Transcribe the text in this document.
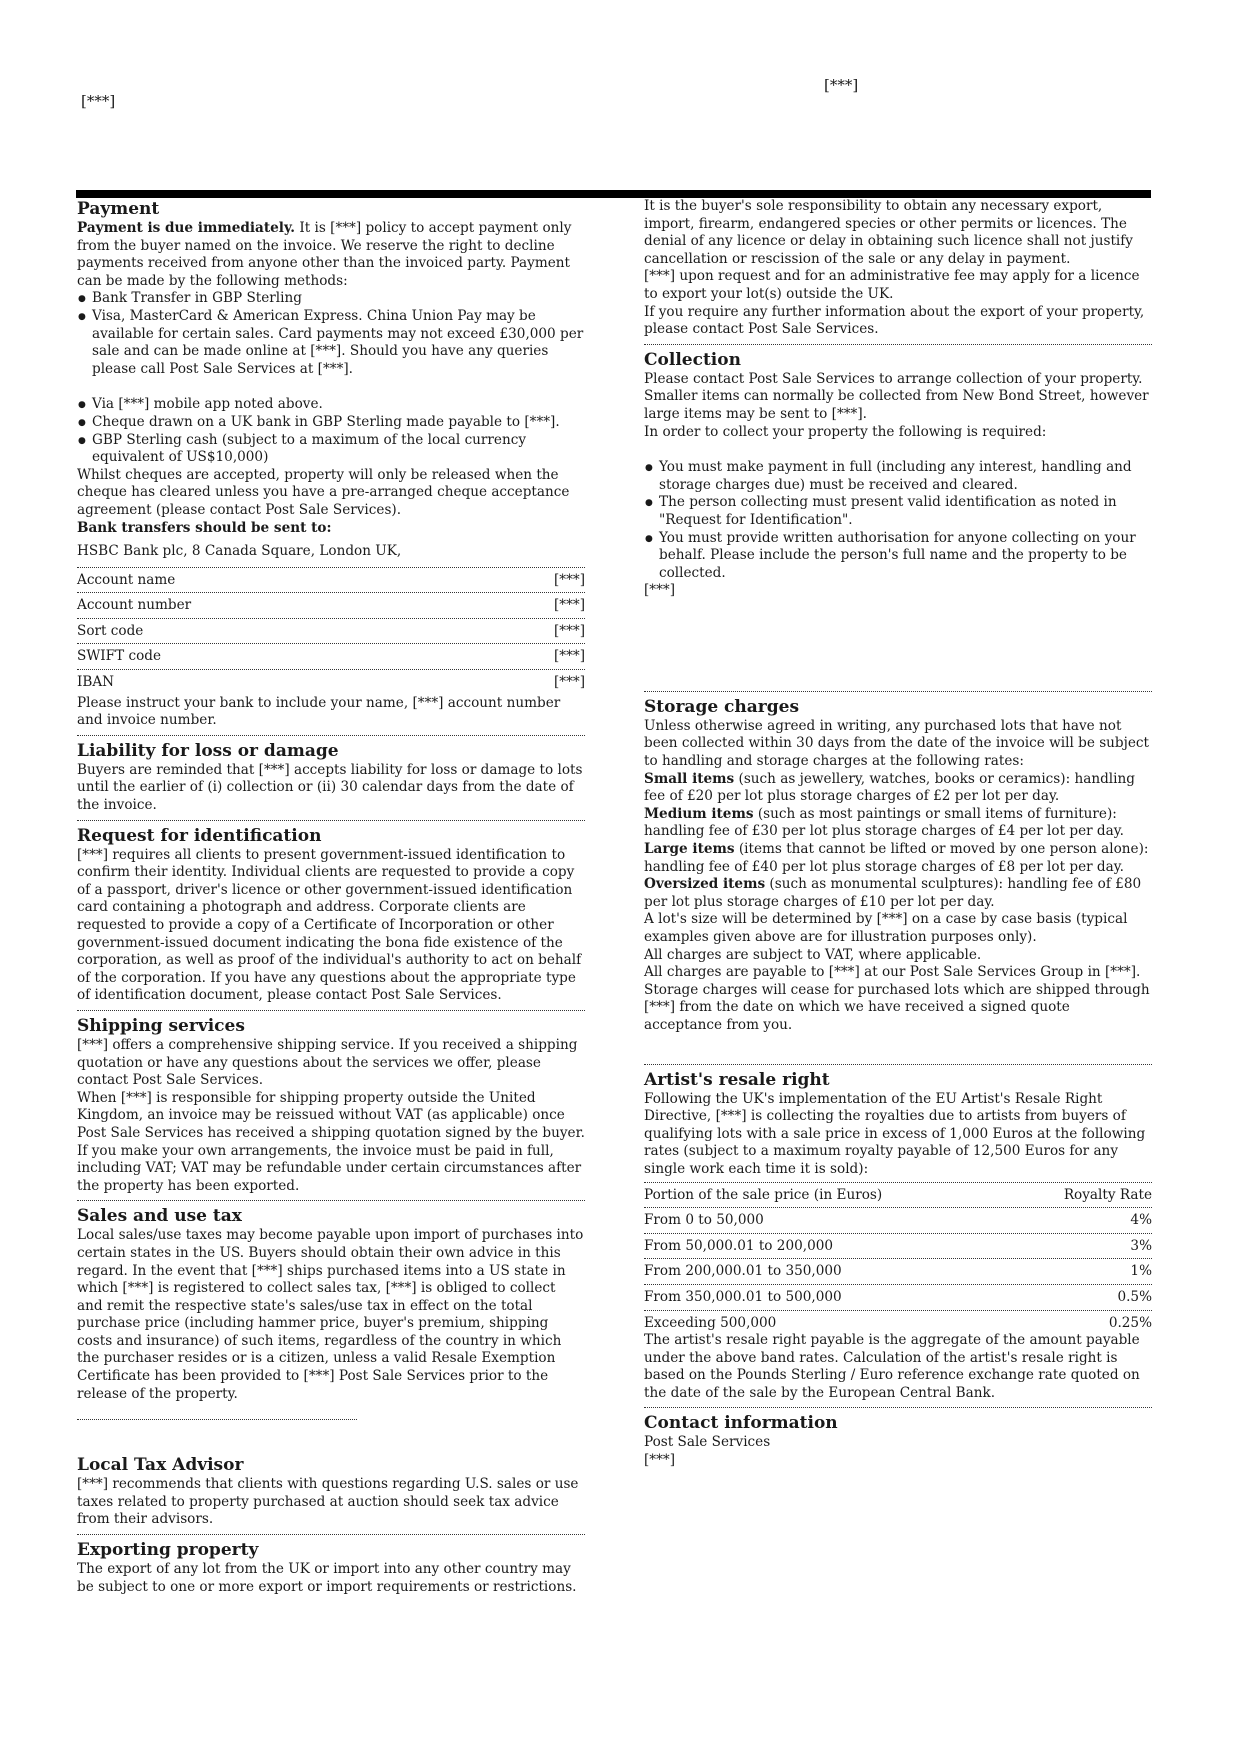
[***]
[***]
Payment

Payment is due immediately. It is [***] policy to accept payment only from the buyer named on the invoice. We reserve the right to decline payments received from anyone other than the invoiced party. Payment can be made by the following methods:

● Bank Transfer in GBP Sterling
● Visa, MasterCard & American Express. China Union Pay may be available for certain sales. Card payments may not exceed £30,000 per sale and can be made online at [***]. Should you have any queries please call Post Sale Services at [***].
● Via [***] mobile app noted above.
● Cheque drawn on a UK bank in GBP Sterling made payable to [***].
● GBP Sterling cash (subject to a maximum of the local currency equivalent of US$10,000)

Whilst cheques are accepted, property will only be released when the cheque has cleared unless you have a pre-arranged cheque acceptance agreement (please contact Post Sale Services).

Bank transfers should be sent to:

HSBC Bank plc, 8 Canada Square, London UK,

Account name	[***]
Account number	[***]
Sort code	[***]
SWIFT code	[***]
IBAN	[***]

Please instruct your bank to include your name, [***] account number and invoice number.

Liability for loss or damage

Buyers are reminded that [***] accepts liability for loss or damage to lots until the earlier of (i) collection or (ii) 30 calendar days from the date of the invoice.

Request for identification

[***] requires all clients to present government-issued identification to confirm their identity. Individual clients are requested to provide a copy of a passport, driver's licence or other government-issued identification card containing a photograph and address. Corporate clients are requested to provide a copy of a Certificate of Incorporation or other government-issued document indicating the bona fide existence of the corporation, as well as proof of the individual's authority to act on behalf of the corporation. If you have any questions about the appropriate type of identification document, please contact Post Sale Services.

Shipping services

[***] offers a comprehensive shipping service. If you received a shipping quotation or have any questions about the services we offer, please contact Post Sale Services.

When [***] is responsible for shipping property outside the United Kingdom, an invoice may be reissued without VAT (as applicable) once Post Sale Services has received a shipping quotation signed by the buyer. If you make your own arrangements, the invoice must be paid in full, including VAT; VAT may be refundable under certain circumstances after the property has been exported.

Sales and use tax

Local sales/use taxes may become payable upon import of purchases into certain states in the US. Buyers should obtain their own advice in this regard. In the event that [***] ships purchased items into a US state in which [***] is registered to collect sales tax, [***] is obliged to collect and remit the respective state's sales/use tax in effect on the total purchase price (including hammer price, buyer's premium, shipping costs and insurance) of such items, regardless of the country in which the purchaser resides or is a citizen, unless a valid Resale Exemption Certificate has been provided to [***] Post Sale Services prior to the release of the property.

Local Tax Advisor

[***] recommends that clients with questions regarding U.S. sales or use taxes related to property purchased at auction should seek tax advice from their advisors.

Exporting property

The export of any lot from the UK or import into any other country may be subject to one or more export or import requirements or restrictions.

It is the buyer's sole responsibility to obtain any necessary export, import, firearm, endangered species or other permits or licences. The denial of any licence or delay in obtaining such licence shall not justify cancellation or rescission of the sale or any delay in payment.

[***] upon request and for an administrative fee may apply for a licence to export your lot(s) outside the UK.

If you require any further information about the export of your property, please contact Post Sale Services.

Collection

Please contact Post Sale Services to arrange collection of your property. Smaller items can normally be collected from New Bond Street, however large items may be sent to [***].

In order to collect your property the following is required:

● You must make payment in full (including any interest, handling and storage charges due) must be received and cleared.
● The person collecting must present valid identification as noted in "Request for Identification".
● You must provide written authorisation for anyone collecting on your behalf. Please include the person's full name and the property to be collected.

[***]

Storage charges

Unless otherwise agreed in writing, any purchased lots that have not been collected within 30 days from the date of the invoice will be subject to handling and storage charges at the following rates:

Small items (such as jewellery, watches, books or ceramics): handling fee of £20 per lot plus storage charges of £2 per lot per day.

Medium items (such as most paintings or small items of furniture): handling fee of £30 per lot plus storage charges of £4 per lot per day.

Large items (items that cannot be lifted or moved by one person alone): handling fee of £40 per lot plus storage charges of £8 per lot per day.

Oversized items (such as monumental sculptures): handling fee of £80 per lot plus storage charges of £10 per lot per day.

A lot's size will be determined by [***] on a case by case basis (typical examples given above are for illustration purposes only).

All charges are subject to VAT, where applicable.

All charges are payable to [***] at our Post Sale Services Group in [***].

Storage charges will cease for purchased lots which are shipped through [***] from the date on which we have received a signed quote acceptance from you.

Artist's resale right

Following the UK's implementation of the EU Artist's Resale Right Directive, [***] is collecting the royalties due to artists from buyers of qualifying lots with a sale price in excess of 1,000 Euros at the following rates (subject to a maximum royalty payable of 12,500 Euros for any single work each time it is sold):

Portion of the sale price (in Euros)	Royalty Rate
From 0 to 50,000	4%
From 50,000.01 to 200,000	3%
From 200,000.01 to 350,000	1%
From 350,000.01 to 500,000	0.5%
Exceeding 500,000	0.25%

The artist's resale right payable is the aggregate of the amount payable under the above band rates. Calculation of the artist's resale right is based on the Pounds Sterling / Euro reference exchange rate quoted on the date of the sale by the European Central Bank.

Contact information

Post Sale Services

[***]
